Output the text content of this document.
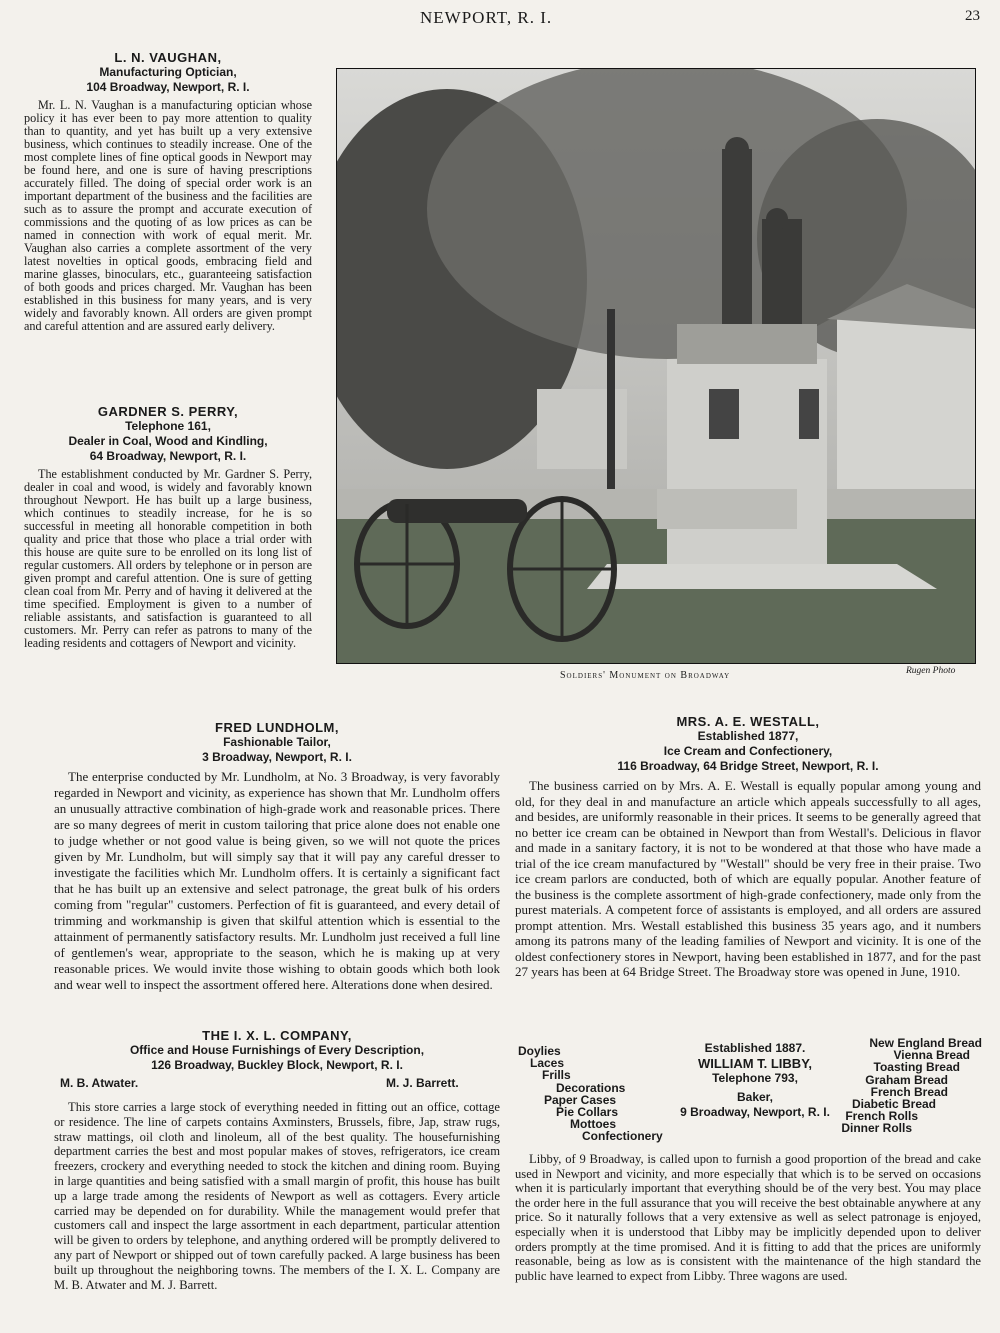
NEWPORT, R. I.	23

L. N. VAUGHAN,

Manufacturing Optician,

104 Broadway, Newport, R. I.

Mr. L. N. Vaughan is a manufacturing optician whose policy it has ever been to pay more attention to quality than to quantity, and yet has built up a very extensive business, which continues to steadily increase. One of the most complete lines of fine optical goods in Newport may be found here, and one is sure of having prescriptions accurately filled. The doing of special order work is an important department of the business and the facilities are such as to assure the prompt and accurate execution of commissions and the quoting of as low prices as can be named in connection with work of equal merit. Mr. Vaughan also carries a complete assortment of the very latest novelties in optical goods, embracing field and marine glasses, binoculars, etc., guaranteeing satisfaction of both goods and prices charged. Mr. Vaughan has been established in this business for many years, and is very widely and favorably known. All orders are given prompt and careful attention and are assured early delivery.

GARDNER S. PERRY,

Telephone 161,

Dealer in Coal, Wood and Kindling,

64 Broadway, Newport, R. I.

The establishment conducted by Mr. Gardner S. Perry, dealer in coal and wood, is widely and favorably known throughout Newport. He has built up a large business, which continues to steadily increase, for he is so successful in meeting all honorable competition in both quality and price that those who place a trial order with this house are quite sure to be enrolled on its long list of regular customers. All orders by telephone or in person are given prompt and careful attention. One is sure of getting clean coal from Mr. Perry and of having it delivered at the time specified. Employment is given to a number of reliable assistants, and satisfaction is guaranteed to all customers. Mr. Perry can refer as patrons to many of the leading residents and cottagers of Newport and vicinity.

Soldiers' Monument on Broadway	Rugen Photo

FRED LUNDHOLM,

Fashionable Tailor,

3 Broadway, Newport, R. I.

The enterprise conducted by Mr. Lundholm, at No. 3 Broadway, is very favorably regarded in Newport and vicinity, as experience has shown that Mr. Lundholm offers an unusually attractive combination of high-grade work and reasonable prices. There are so many degrees of merit in custom tailoring that price alone does not enable one to judge whether or not good value is being given, so we will not quote the prices given by Mr. Lundholm, but will simply say that it will pay any careful dresser to investigate the facilities which Mr. Lundholm offers. It is certainly a significant fact that he has built up an extensive and select patronage, the great bulk of his orders coming from "regular" customers. Perfection of fit is guaranteed, and every detail of trimming and workmanship is given that skilful attention which is essential to the attainment of permanently satisfactory results. Mr. Lundholm just received a full line of gentlemen's wear, appropriate to the season, which he is making up at very reasonable prices. We would invite those wishing to obtain goods which both look and wear well to inspect the assortment offered here. Alterations done when desired.

MRS. A. E. WESTALL,

Established 1877,

Ice Cream and Confectionery,

116 Broadway, 64 Bridge Street, Newport, R. I.

The business carried on by Mrs. A. E. Westall is equally popular among young and old, for they deal in and manufacture an article which appeals successfully to all ages, and besides, are uniformly reasonable in their prices. It seems to be generally agreed that no better ice cream can be obtained in Newport than from Westall's. Delicious in flavor and made in a sanitary factory, it is not to be wondered at that those who have made a trial of the ice cream manufactured by "Westall" should be very free in their praise. Two ice cream parlors are conducted, both of which are equally popular. Another feature of the business is the complete assortment of high-grade confectionery, made only from the purest materials. A competent force of assistants is employed, and all orders are assured prompt attention. Mrs. Westall established this business 35 years ago, and it numbers among its patrons many of the leading families of Newport and vicinity. It is one of the oldest confectionery stores in Newport, having been established in 1877, and for the past 27 years has been at 64 Bridge Street. The Broadway store was opened in June, 1910.

THE I. X. L. COMPANY,

Office and House Furnishings of Every Description,

126 Broadway, Buckley Block, Newport, R. I.

M. B. Atwater.	M. J. Barrett.

This store carries a large stock of everything needed in fitting out an office, cottage or residence. The line of carpets contains Axminsters, Brussels, fibre, Jap, straw rugs, straw mattings, oil cloth and linoleum, all of the best quality. The housefurnishing department carries the best and most popular makes of stoves, refrigerators, ice cream freezers, crockery and everything needed to stock the kitchen and dining room. Buying in large quantities and being satisfied with a small margin of profit, this house has built up a large trade among the residents of Newport as well as cottagers. Every article carried may be depended on for durability. While the management would prefer that customers call and inspect the large assortment in each department, particular attention will be given to orders by telephone, and anything ordered will be promptly delivered to any part of Newport or shipped out of town carefully packed. A large business has been built up throughout the neighboring towns. The members of the I. X. L. Company are M. B. Atwater and M. J. Barrett.

Doylies
Laces
Frills
Decorations
Paper Cases
Pie Collars
Mottoes
Confectionery
Established 1887.
WILLIAM T. LIBBY,
Telephone 793,
Baker,
9 Broadway, Newport, R. I.
New England Bread
Vienna Bread
Toasting Bread
Graham Bread
French Bread
Diabetic Bread
French Rolls
Dinner Rolls

Libby, of 9 Broadway, is called upon to furnish a good proportion of the bread and cake used in Newport and vicinity, and more especially that which is to be served on occasions when it is particularly important that everything should be of the very best. You may place the order here in the full assurance that you will receive the best obtainable anywhere at any price. So it naturally follows that a very extensive as well as select patronage is enjoyed, especially when it is understood that Libby may be implicitly depended upon to deliver orders promptly at the time promised. And it is fitting to add that the prices are uniformly reasonable, being as low as is consistent with the maintenance of the high standard the public have learned to expect from Libby. Three wagons are used.
